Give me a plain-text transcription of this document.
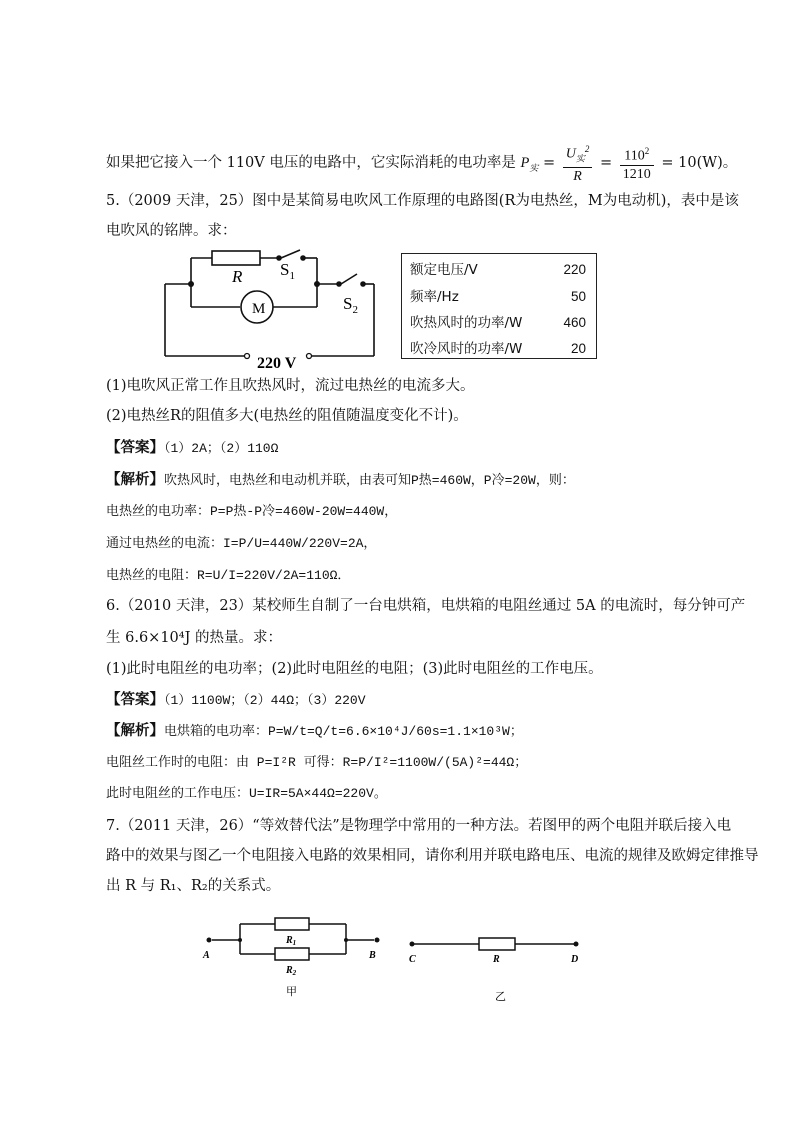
如果把它接入一个 110V 电压的电路中，它实际消耗的电功率是 $P_实 = \frac{U_实^2}{R} = \frac{110^2}{1210} = 10(W)$。
5.（2009 天津，25）图中是某简易电吹风工作原理的电路图(R为电热丝，M为电动机)，表中是该
电吹风的铭牌。求：
R $S_1$
M	$S_2$
220 V
额定电压/V	220
频率/Hz	50
吹热风时的功率/W	460
吹冷风时的功率/W	20
(1)电吹风正常工作且吹热风时，流过电热丝的电流多大。
(2)电热丝R的阻值多大(电热丝的阻值随温度变化不计)。
【答案】（1）2A；（2）110Ω
【解析】吹热风时，电热丝和电动机并联，由表可知P热=460W，P冷=20W，则：
电热丝的电功率：P=P热-P冷=460W-20W=440W，
通过电热丝的电流：I=P/U=440W/220V=2A，
电热丝的电阻：R=U/I=220V/2A=110Ω．
6.（2010 天津，23）某校师生自制了一台电烘箱，电烘箱的电阻丝通过 5A 的电流时，每分钟可产
生 6.6×10⁴J 的热量。求：
(1)此时电阻丝的电功率；(2)此时电阻丝的电阻；(3)此时电阻丝的工作电压。
【答案】（1）1100W；（2）44Ω；（3）220V
【解析】电烘箱的电功率：P=W/t=Q/t=6.6×10⁴J/60s=1.1×10³W；
电阻丝工作时的电阻：由 P=I²R 可得：R=P/I²=1100W/(5A)²=44Ω；
此时电阻丝的工作电压：U=IR=5A×44Ω=220V。
7.（2011 天津，26）“等效替代法”是物理学中常用的一种方法。若图甲的两个电阻并联后接入电
路中的效果与图乙一个电阻接入电路的效果相同，请你利用并联电路电压、电流的规律及欧姆定律推导
出 R 与 R₁、R₂的关系式。
A	B
$R_1$
$R_2$
甲
C	R	D
乙
